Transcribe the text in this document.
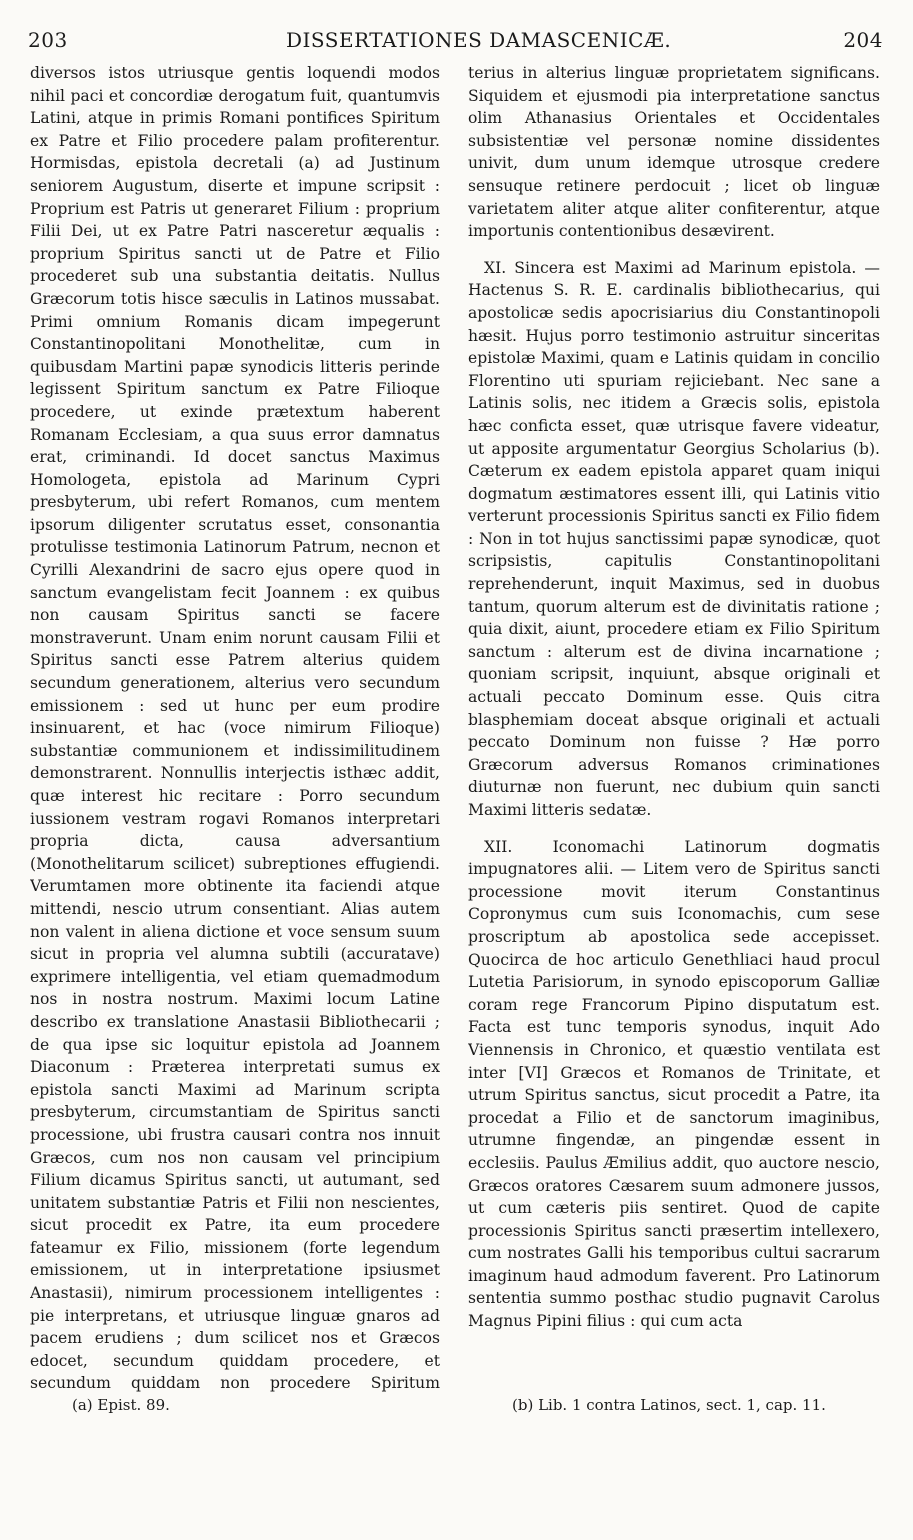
203	DISSERTATIONES DAMASCENICÆ.	204

diversos istos utriusque gentis loquendi modos nihil paci et concordiæ derogatum fuit, quantumvis Latini, atque in primis Romani pontifices Spiritum ex Patre et Filio procedere palam profiterentur. Hormisdas, epistola decretali (a) ad Justinum seniorem Augustum, diserte et impune scripsit : Proprium est Patris ut generaret Filium : proprium Filii Dei, ut ex Patre Patri nasceretur æqualis : proprium Spiritus sancti ut de Patre et Filio procederet sub una substantia deitatis. Nullus Græcorum totis hisce sæculis in Latinos mussabat. Primi omnium Romanis dicam impegerunt Constantinopolitani Monothelitæ, cum in quibusdam Martini papæ synodicis litteris perinde legissent Spiritum sanctum ex Patre Filioque procedere, ut exinde prætextum haberent Romanam Ecclesiam, a qua suus error damnatus erat, criminandi. Id docet sanctus Maximus Homologeta, epistola ad Marinum Cypri presbyterum, ubi refert Romanos, cum mentem ipsorum diligenter scrutatus esset, consonantia protulisse testimonia Latinorum Patrum, necnon et Cyrilli Alexandrini de sacro ejus opere quod in sanctum evangelistam fecit Joannem : ex quibus non causam Spiritus sancti se facere monstraverunt. Unam enim norunt causam Filii et Spiritus sancti esse Patrem alterius quidem secundum generationem, alterius vero secundum emissionem : sed ut hunc per eum prodire insinuarent, et hac (voce nimirum Filioque) substantiæ communionem et indissimilitudinem demonstrarent. Nonnullis interjectis isthæc addit, quæ interest hic recitare : Porro secundum iussionem vestram rogavi Romanos interpretari propria dicta, causa adversantium (Monothelitarum scilicet) subreptiones effugiendi. Verumtamen more obtinente ita faciendi atque mittendi, nescio utrum consentiant. Alias autem non valent in aliena dictione et voce sensum suum sicut in propria vel alumna subtili (accuratave) exprimere intelligentia, vel etiam quemadmodum nos in nostra nostrum. Maximi locum Latine describo ex translatione Anastasii Bibliothecarii ; de qua ipse sic loquitur epistola ad Joannem Diaconum : Præterea interpretati sumus ex epistola sancti Maximi ad Marinum scripta presbyterum, circumstantiam de Spiritus sancti processione, ubi frustra causari contra nos innuit Græcos, cum nos non causam vel principium Filium dicamus Spiritus sancti, ut autumant, sed unitatem substantiæ Patris et Filii non nescientes, sicut procedit ex Patre, ita eum procedere fateamur ex Filio, missionem (forte legendum emissionem, ut in interpretatione ipsiusmet Anastasii), nimirum processionem intelligentes : pie interpretans, et utriusque linguæ gnaros ad pacem erudiens ; dum scilicet nos et Græcos edocet, secundum quiddam procedere, et secundum quiddam non procedere Spiritum

terius in alterius linguæ proprietatem significans. Siquidem et ejusmodi pia interpretatione sanctus olim Athanasius Orientales et Occidentales subsistentiæ vel personæ nomine dissidentes univit, dum unum idemque utrosque credere sensuque retinere perdocuit ; licet ob linguæ varietatem aliter atque aliter confiterentur, atque importunis contentionibus desævirent.

XI. Sincera est Maximi ad Marinum epistola. — Hactenus S. R. E. cardinalis bibliothecarius, qui apostolicæ sedis apocrisiarius diu Constantinopoli hæsit. Hujus porro testimonio astruitur sinceritas epistolæ Maximi, quam e Latinis quidam in concilio Florentino uti spuriam rejiciebant. Nec sane a Latinis solis, nec itidem a Græcis solis, epistola hæc conficta esset, quæ utrisque favere videatur, ut apposite argumentatur Georgius Scholarius (b). Cæterum ex eadem epistola apparet quam iniqui dogmatum æstimatores essent illi, qui Latinis vitio verterunt processionis Spiritus sancti ex Filio fidem : Non in tot hujus sanctissimi papæ synodicæ, quot scripsistis, capitulis Constantinopolitani reprehenderunt, inquit Maximus, sed in duobus tantum, quorum alterum est de divinitatis ratione ; quia dixit, aiunt, procedere etiam ex Filio Spiritum sanctum : alterum est de divina incarnatione ; quoniam scripsit, inquiunt, absque originali et actuali peccato Dominum esse. Quis citra blasphemiam doceat absque originali et actuali peccato Dominum non fuisse ? Hæ porro Græcorum adversus Romanos criminationes diuturnæ non fuerunt, nec dubium quin sancti Maximi litteris sedatæ.

XII. Iconomachi Latinorum dogmatis impugnatores alii. — Litem vero de Spiritus sancti processione movit iterum Constantinus Copronymus cum suis Iconomachis, cum sese proscriptum ab apostolica sede accepisset. Quocirca de hoc articulo Genethliaci haud procul Lutetia Parisiorum, in synodo episcoporum Galliæ coram rege Francorum Pipino disputatum est. Facta est tunc temporis synodus, inquit Ado Viennensis in Chronico, et quæstio ventilata est inter [VI] Græcos et Romanos de Trinitate, et utrum Spiritus sanctus, sicut procedit a Patre, ita procedat a Filio et de sanctorum imaginibus, utrumne fingendæ, an pingendæ essent in ecclesiis. Paulus Æmilius addit, quo auctore nescio, Græcos oratores Cæsarem suum admonere jussos, ut cum cæteris piis sentiret. Quod de capite processionis Spiritus sancti præsertim intellexero, cum nostrates Galli his temporibus cultui sacrarum imaginum haud admodum faverent. Pro Latinorum sententia summo posthac studio pugnavit Carolus Magnus Pipini filius : qui cum acta

(a) Epist. 89.	(b) Lib. 1 contra Latinos, sect. 1, cap. 11.
